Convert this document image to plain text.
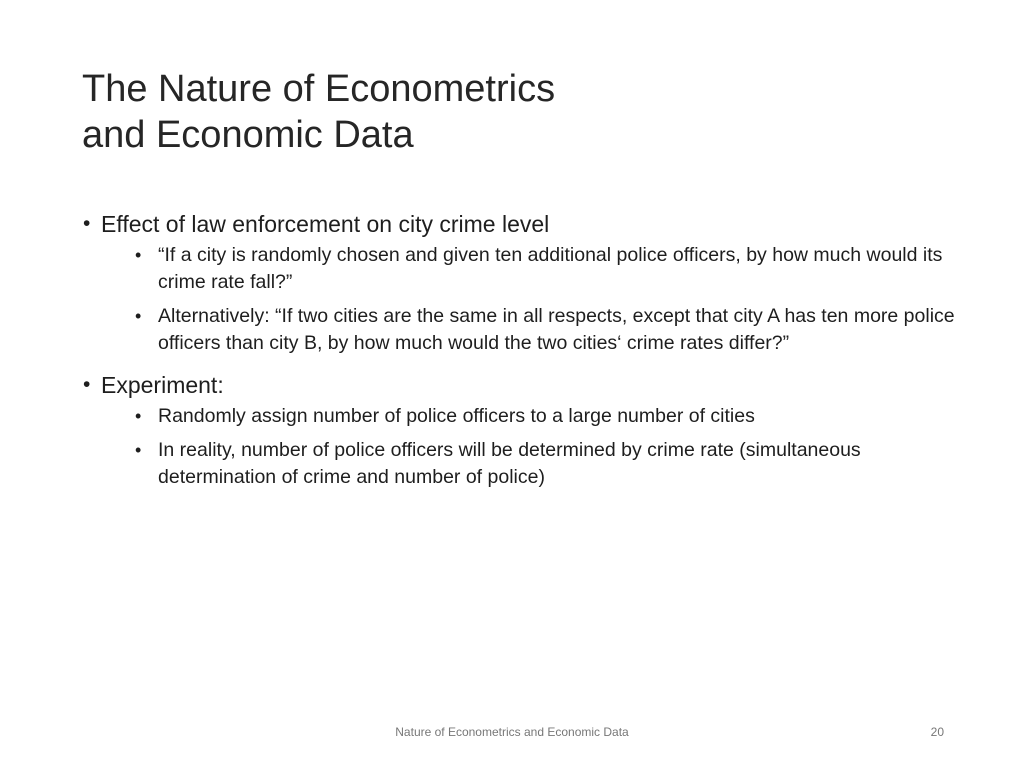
The Nature of Econometrics
and Economic Data
• Effect of law enforcement on city crime level
• “If a city is randomly chosen and given ten additional police officers, by how much would its crime rate fall?”
• Alternatively: “If two cities are the same in all respects, except that city A has ten more police officers than city B, by how much would the two cities‘ crime rates differ?”
• Experiment:
• Randomly assign number of police officers to a large number of cities
• In reality, number of police officers will be determined by crime rate (simultaneous determination of crime and number of police)
Nature of Econometrics and Economic Data	20
